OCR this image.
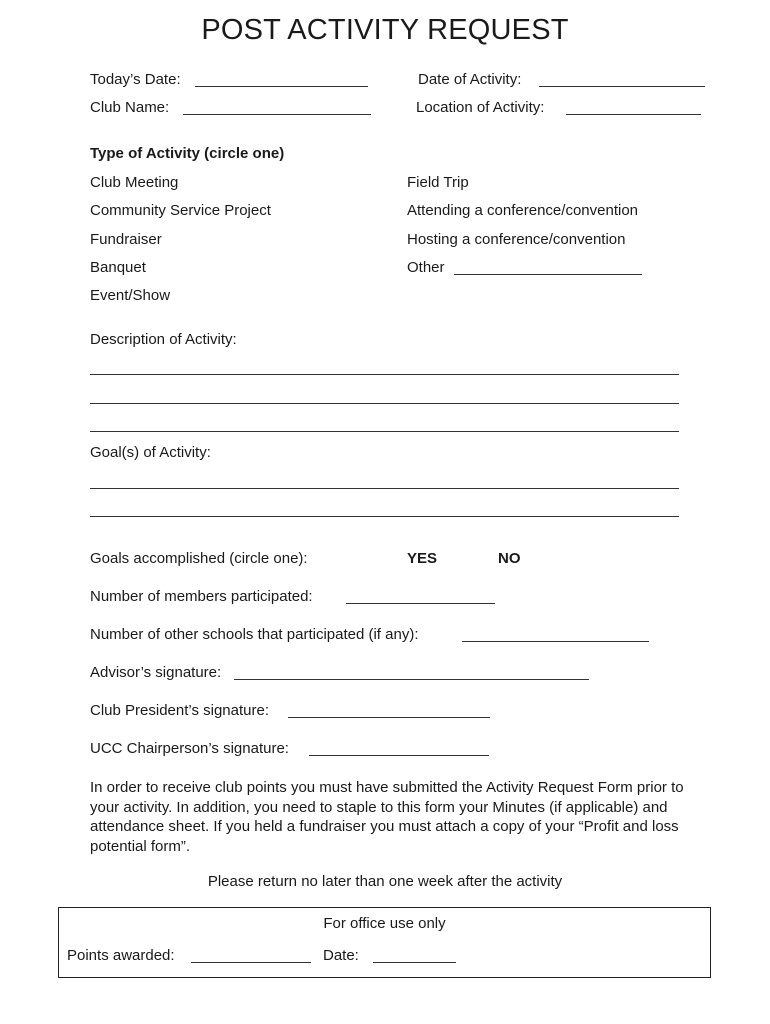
POST ACTIVITY REQUEST
Today’s Date:	Date of Activity:
Club Name:	Location of Activity:
Type of Activity (circle one)
Club Meeting
Community Service Project
Fundraiser
Banquet
Event/Show
Field Trip
Attending a conference/convention
Hosting a conference/convention
Other
Description of Activity:
Goal(s) of Activity:
Goals accomplished (circle one):	YES	NO
Number of members participated:
Number of other schools that participated (if any):
Advisor’s signature:
Club President’s signature:
UCC Chairperson’s signature:
In order to receive club points you must have submitted the Activity Request Form prior to your activity. In addition, you need to staple to this form your Minutes (if applicable) and attendance sheet. If you held a fundraiser you must attach a copy of your “Profit and loss potential form”.
Please return no later than one week after the activity
For office use only
Points awarded:	Date:
